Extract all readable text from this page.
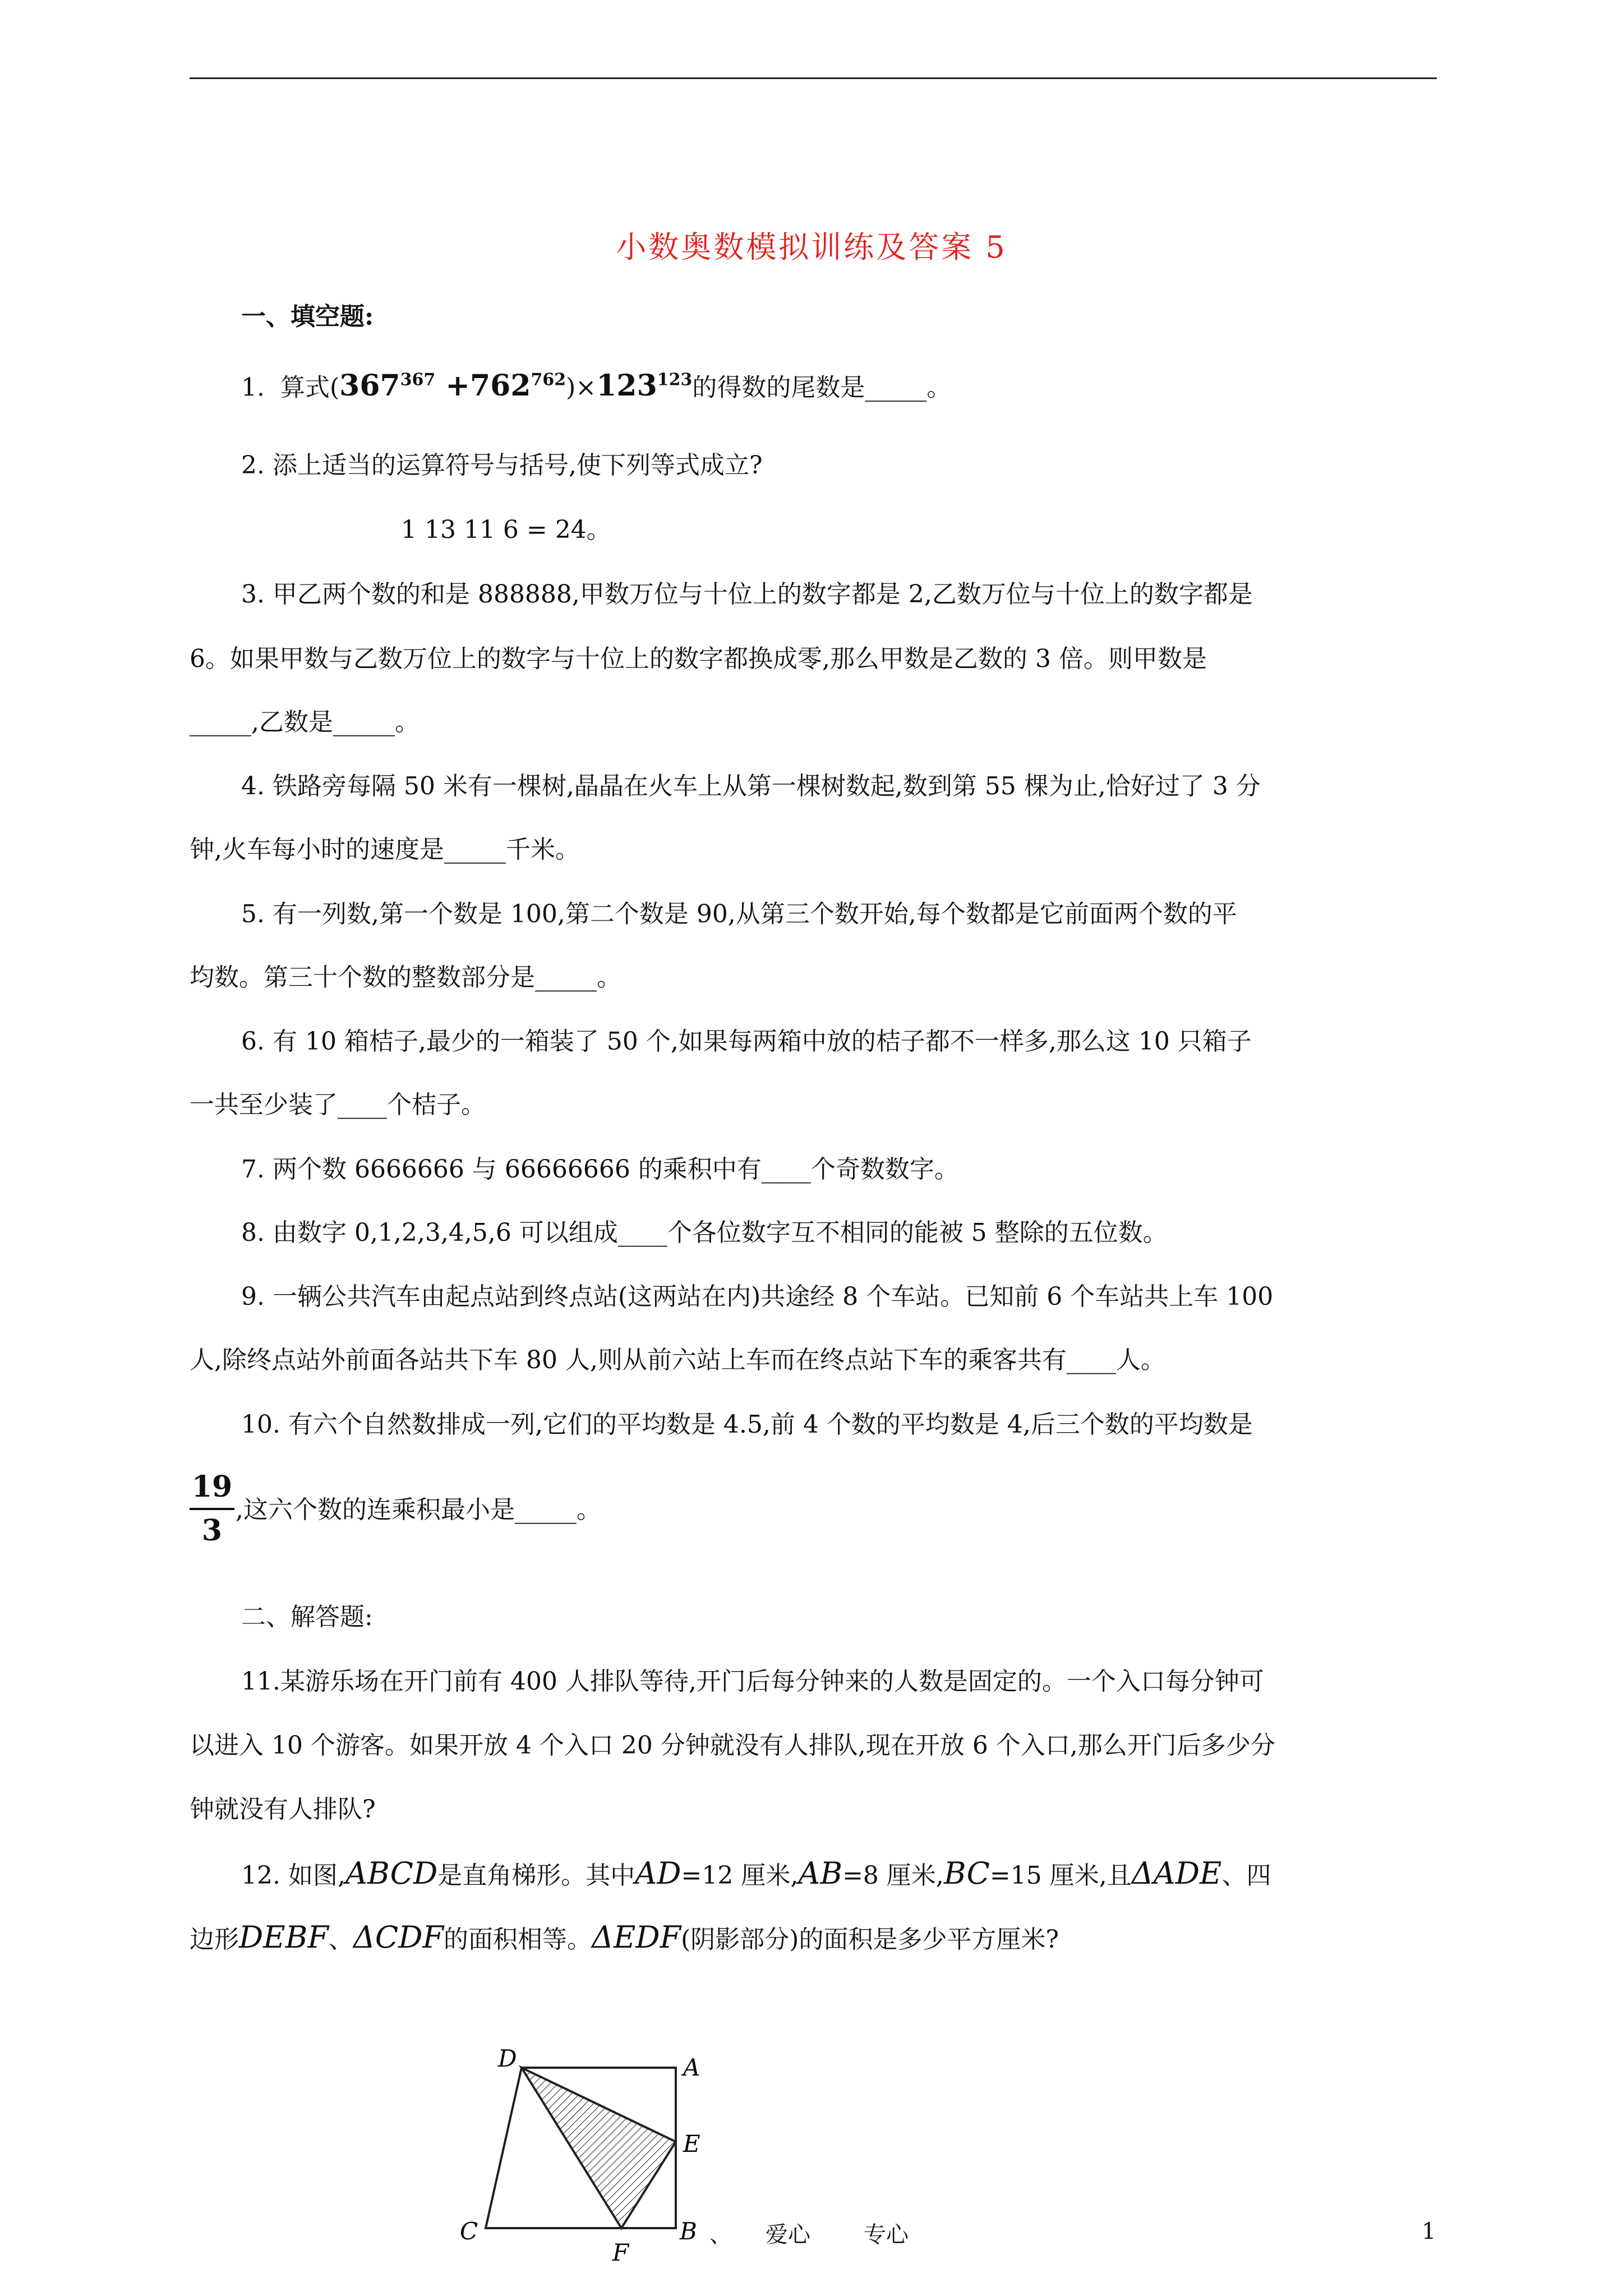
小数奥数模拟训练及答案 5
一、填空题:
1. 算式$(367^{367} +762^{762})\times 123^{123}$的得数的尾数是_____。
2. 添上适当的运算符号与括号,使下列等式成立?
1 13 11 6 = 24。
3. 甲乙两个数的和是 888888,甲数万位与十位上的数字都是 2,乙数万位与十位上的数字都是
6。如果甲数与乙数万位上的数字与十位上的数字都换成零,那么甲数是乙数的 3 倍。则甲数是
_____,乙数是_____。
4. 铁路旁每隔 50 米有一棵树,晶晶在火车上从第一棵树数起,数到第 55 棵为止,恰好过了 3 分
钟,火车每小时的速度是_____千米。
5. 有一列数,第一个数是 100,第二个数是 90,从第三个数开始,每个数都是它前面两个数的平
均数。第三十个数的整数部分是_____。
6. 有 10 箱桔子,最少的一箱装了 50 个,如果每两箱中放的桔子都不一样多,那么这 10 只箱子
一共至少装了____个桔子。
7. 两个数 6666666 与 66666666 的乘积中有____个奇数数字。
8. 由数字 0,1,2,3,4,5,6 可以组成____个各位数字互不相同的能被 5 整除的五位数。
9. 一辆公共汽车由起点站到终点站(这两站在内)共途经 8 个车站。已知前 6 个车站共上车 100
人,除终点站外前面各站共下车 80 人,则从前六站上车而在终点站下车的乘客共有____人。
10. 有六个自然数排成一列,它们的平均数是 4.5,前 4 个数的平均数是 4,后三个数的平均数是
19
3
,这六个数的连乘积最小是_____。
二、解答题:
11.某游乐场在开门前有 400 人排队等待,开门后每分钟来的人数是固定的。一个入口每分钟可
以进入 10 个游客。如果开放 4 个入口 20 分钟就没有人排队,现在开放 6 个入口,那么开门后多少分
钟就没有人排队?
12. 如图,ABCD是直角梯形。其中AD=12 厘米,AB=8 厘米,BC=15 厘米,且ΔADE、四
边形DEBF、ΔCDF的面积相等。ΔEDF(阴影部分)的面积是多少平方厘米?
D	A
E
C
F
B 、 爱心 专心	1
